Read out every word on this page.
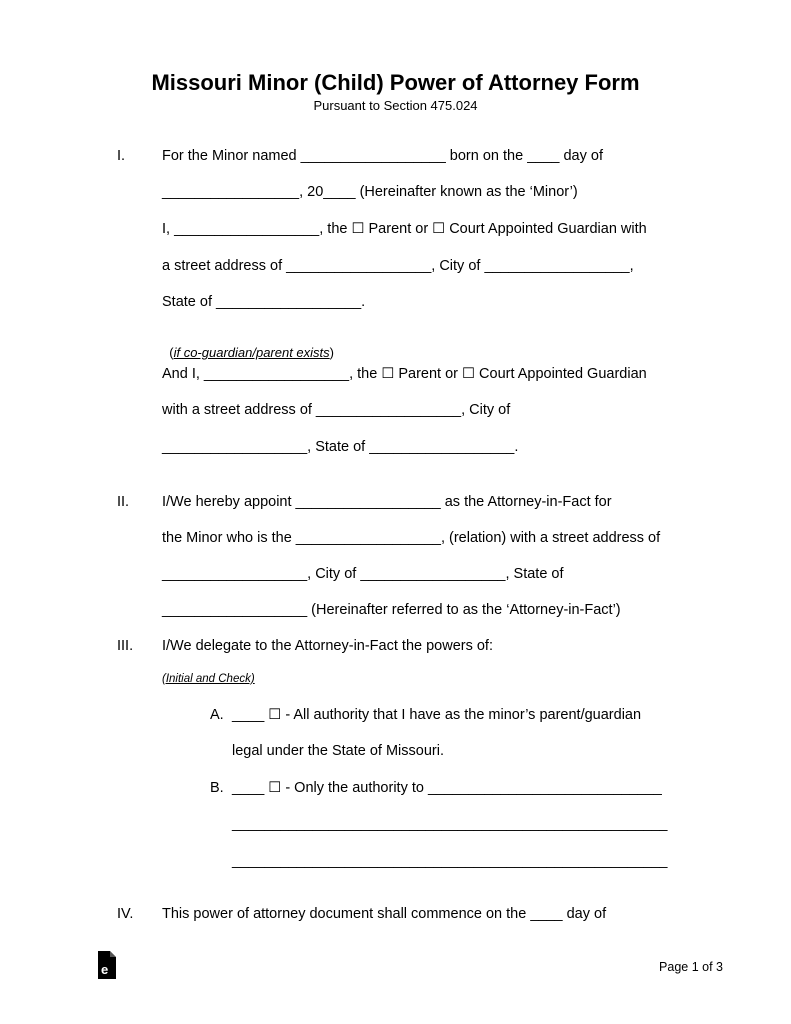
Missouri Minor (Child) Power of Attorney Form
Pursuant to Section 475.024
I.	For the Minor named __________________ born on the ____ day of
_________________, 20____ (Hereinafter known as the ‘Minor’)
I, __________________, the ☐ Parent or ☐ Court Appointed Guardian with
a street address of __________________, City of __________________,
State of __________________.

(if co-guardian/parent exists)

And I, __________________, the ☐ Parent or ☐ Court Appointed Guardian
with a street address of __________________, City of
__________________, State of __________________.
II. I/We hereby appoint __________________ as the Attorney-in-Fact for
the Minor who is the __________________, (relation) with a street address of
__________________, City of __________________, State of
__________________ (Hereinafter referred to as the ‘Attorney-in-Fact’)
III. I/We delegate to the Attorney-in-Fact the powers of:
(Initial and Check)
A. ____ ☐ - All authority that I have as the minor’s parent/guardian
legal under the State of Missouri.
B. ____ ☐ - Only the authority to _____________________________
______________________________________________________
______________________________________________________
IV. This power of attorney document shall commence on the ____ day of
e	Page 1 of 3
